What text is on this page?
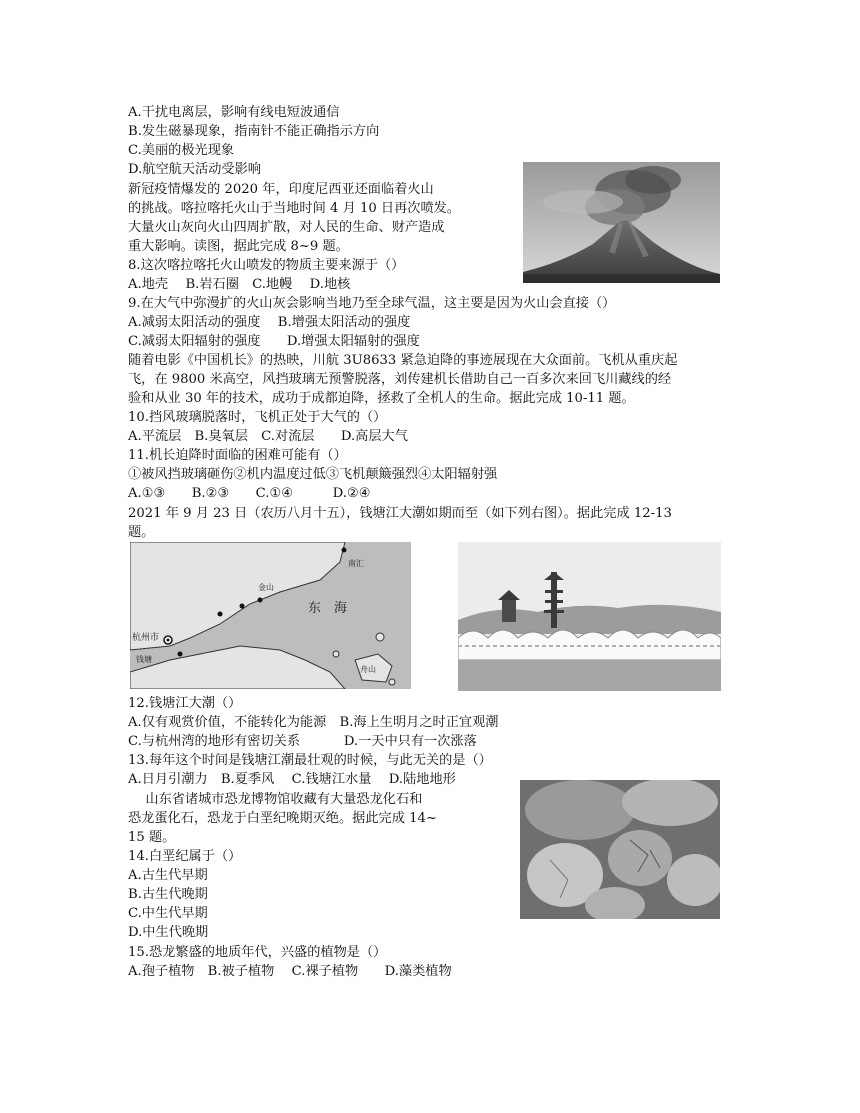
A.干扰电离层，影响有线电短波通信
B.发生磁暴现象，指南针不能正确指示方向
C.美丽的极光现象
D.航空航天活动受影响
新冠疫情爆发的 2020 年，印度尼西亚还面临着火山
的挑战。喀拉喀托火山于当地时间 4 月 10 日再次喷发。
大量火山灰向火山四周扩散，对人民的生命、财产造成
重大影响。读图，据此完成 8~9 题。
8.这次喀拉喀托火山喷发的物质主要来源于（）
A.地壳　 B.岩石圈　C.地幔　 D.地核
9.在大气中弥漫扩的火山灰会影响当地乃至全球气温，这主要是因为火山会直接（）
A.减弱太阳活动的强度　 B.增强太阳活动的强度
C.减弱太阳辐射的强度　　D.增强太阳辐射的强度
随着电影《中国机长》的热映，川航 3U8633 紧急迫降的事迹展现在大众面前。飞机从重庆起
飞，在 9800 米高空，风挡玻璃无预警脱落，刘传建机长借助自己一百多次来回飞川藏线的经
验和从业 30 年的技术，成功于成都迫降，拯救了全机人的生命。据此完成 10-11 题。
10.挡风玻璃脱落时，飞机正处于大气的（）
A.平流层　B.臭氧层　C.对流层　　D.高层大气
11.机长迫降时面临的困难可能有（）
①被风挡玻璃砸伤②机内温度过低③飞机颠簸强烈④太阳辐射强
A.①③　　B.②③　　C.①④　　　D.②④
2021 年 9 月 23 日（农历八月十五），钱塘江大潮如期而至（如下列右图）。据此完成 12-13
题。
12.钱塘江大潮（）
A.仅有观赏价值，不能转化为能源　B.海上生明月之时正宜观潮
C.与杭州湾的地形有密切关系　　　 D.一天中只有一次涨落
13.每年这个时间是钱塘江潮最壮观的时候，与此无关的是（）
A.日月引潮力　B.夏季风　 C.钱塘江水量　 D.陆地地形
　 山东省诸城市恐龙博物馆收藏有大量恐龙化石和
恐龙蛋化石，恐龙于白垩纪晚期灭绝。据此完成 14~
15 题。
14.白垩纪属于（）
A.古生代早期
B.古生代晚期
C.中生代早期
D.中生代晚期
15.恐龙繁盛的地质年代，兴盛的植物是（）
A.孢子植物　B.被子植物　 C.裸子植物　　D.藻类植物
东　海
杭州市
南汇
舟山
钱塘
金山
